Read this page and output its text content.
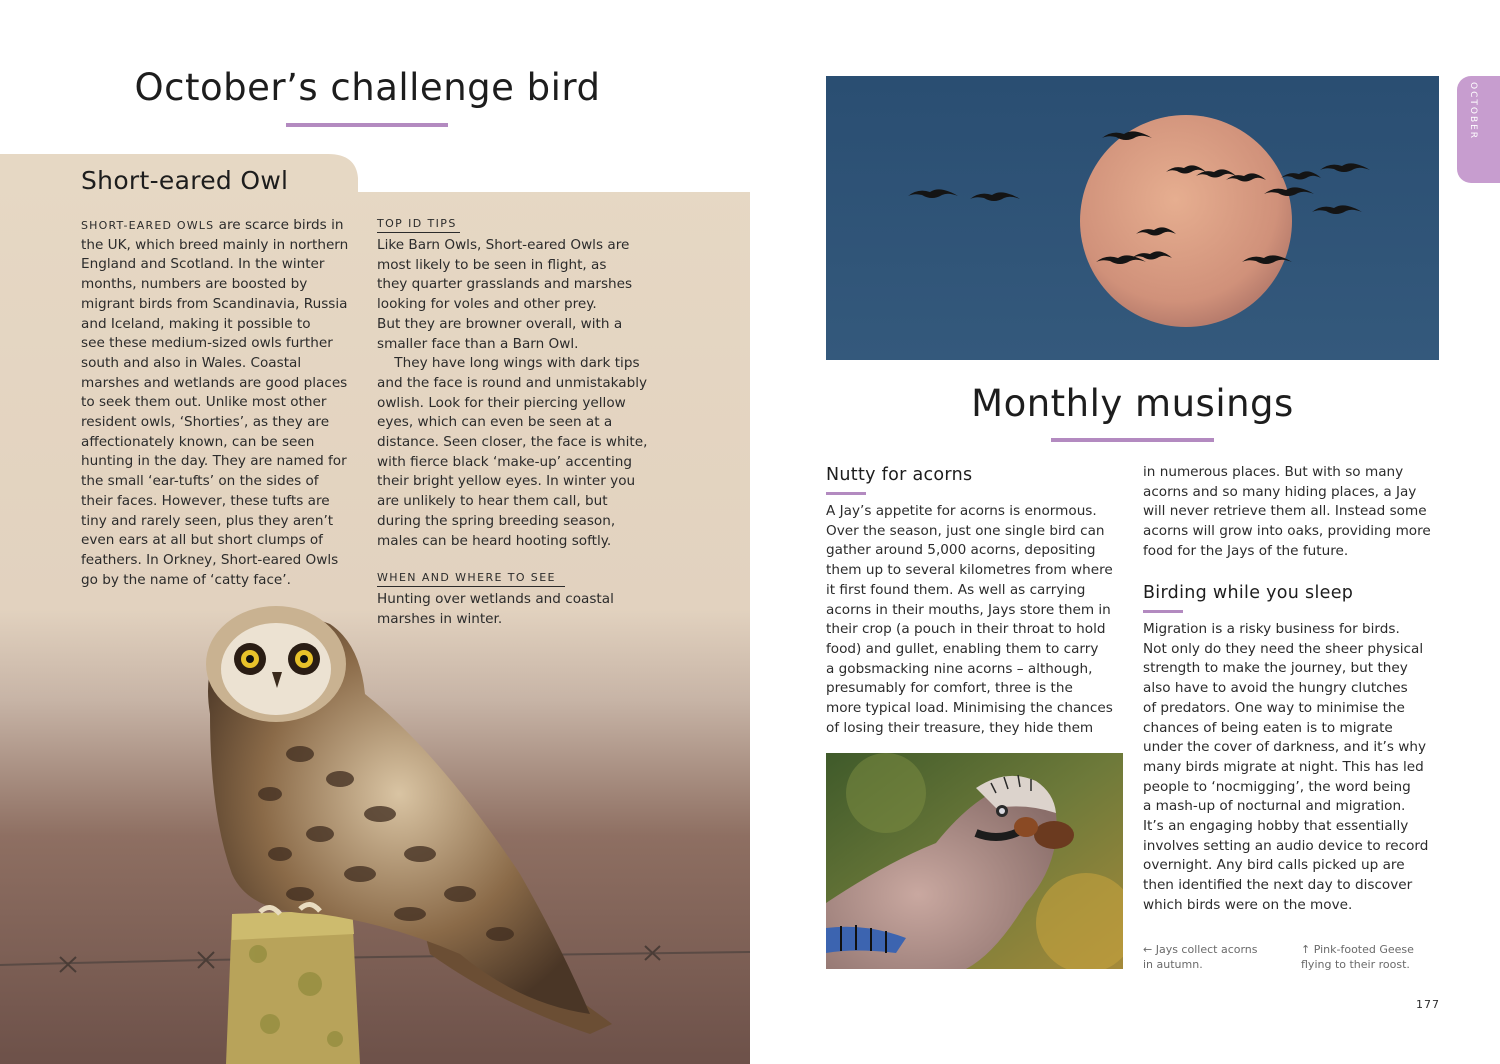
October’s challenge bird
Short-eared Owl

SHORT-EARED OWLS are scarce birds in

the UK, which breed mainly in northern

England and Scotland. In the winter

months, numbers are boosted by

migrant birds from Scandinavia, Russia

and Iceland, making it possible to

see these medium-sized owls further

south and also in Wales. Coastal

marshes and wetlands are good places

to seek them out. Unlike most other

resident owls, ‘Shorties’, as they are

affectionately known, can be seen

hunting in the day. They are named for

the small ‘ear-tufts’ on the sides of

their faces. However, these tufts are

tiny and rarely seen, plus they aren’t

even ears at all but short clumps of

feathers. In Orkney, Short-eared Owls

go by the name of ‘catty face’.

TOP ID TIPS

Like Barn Owls, Short-eared Owls are

most likely to be seen in flight, as

they quarter grasslands and marshes

looking for voles and other prey.

But they are browner overall, with a

smaller face than a Barn Owl.

They have long wings with dark tips

and the face is round and unmistakably

owlish. Look for their piercing yellow

eyes, which can even be seen at a

distance. Seen closer, the face is white,

with fierce black ‘make-up’ accenting

their bright yellow eyes. In winter you

are unlikely to hear them call, but

during the spring breeding season,

males can be heard hooting softly.

WHEN AND WHERE TO SEE

Hunting over wetlands and coastal

marshes in winter.

OCTOBER
Monthly musings
Nutty for acorns

A Jay’s appetite for acorns is enormous.

Over the season, just one single bird can

gather around 5,000 acorns, depositing

them up to several kilometres from where

it first found them. As well as carrying

acorns in their mouths, Jays store them in

their crop (a pouch in their throat to hold

food) and gullet, enabling them to carry

a gobsmacking nine acorns – although,

presumably for comfort, three is the

more typical load. Minimising the chances

of losing their treasure, they hide them

in numerous places. But with so many

acorns and so many hiding places, a Jay

will never retrieve them all. Instead some

acorns will grow into oaks, providing more

food for the Jays of the future.

Birding while you sleep

Migration is a risky business for birds.

Not only do they need the sheer physical

strength to make the journey, but they

also have to avoid the hungry clutches

of predators. One way to minimise the

chances of being eaten is to migrate

under the cover of darkness, and it’s why

many birds migrate at night. This has led

people to ‘nocmigging’, the word being

a mash-up of nocturnal and migration.

It’s an engaging hobby that essentially

involves setting an audio device to record

overnight. Any bird calls picked up are

then identified the next day to discover

which birds were on the move.

← Jays collect acorns

in autumn.

↑ Pink-footed Geese

flying to their roost.

177
